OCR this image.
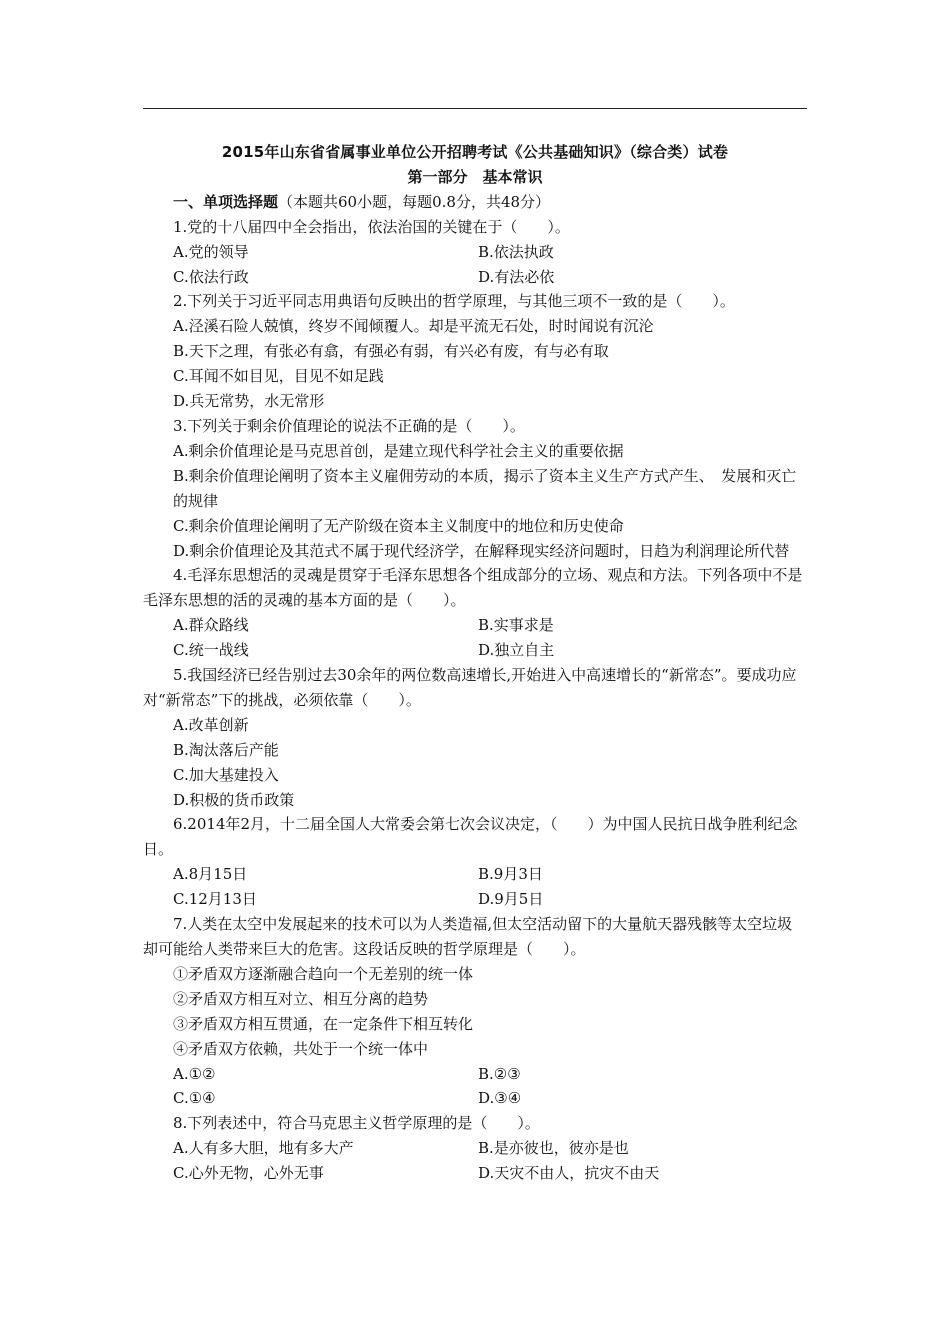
2015年山东省省属事业单位公开招聘考试《公共基础知识》（综合类）试卷
第一部分　基本常识
一、单项选择题（本题共60小题，每题0.8分，共48分）
1.党的十八届四中全会指出，依法治国的关键在于（　　）。
A.党的领导	B.依法执政
C.依法行政	D.有法必依
2.下列关于习近平同志用典语句反映出的哲学原理，与其他三项不一致的是（　　）。
A.泾溪石险人兢慎，终岁不闻倾覆人。却是平流无石处，时时闻说有沉沦
B.天下之理，有张必有翕，有强必有弱，有兴必有废，有与必有取
C.耳闻不如目见，目见不如足践
D.兵无常势，水无常形
3.下列关于剩余价值理论的说法不正确的是（　　）。
A.剩余价值理论是马克思首创，是建立现代科学社会主义的重要依据
B.剩余价值理论阐明了资本主义雇佣劳动的本质，揭示了资本主义生产方式产生、　发展和灭亡的规律
C.剩余价值理论阐明了无产阶级在资本主义制度中的地位和历史使命
D.剩余价值理论及其范式不属于现代经济学，在解释现实经济问题时，日趋为利润理论所代替
4.毛泽东思想活的灵魂是贯穿于毛泽东思想各个组成部分的立场、观点和方法。下列各项中不是毛泽东思想的活的灵魂的基本方面的是（　　）。
A.群众路线	B.实事求是
C.统一战线	D.独立自主
5.我国经济已经告别过去30余年的两位数高速增长,开始进入中高速增长的“新常态”。要成功应对“新常态”下的挑战，必须依靠（　　）。
A.改革创新
B.淘汰落后产能
C.加大基建投入
D.积极的货币政策
6.2014年2月，十二届全国人大常委会第七次会议决定，（　　）为中国人民抗日战争胜利纪念日。
A.8月15日	B.9月3日
C.12月13日	D.9月5日
7.人类在太空中发展起来的技术可以为人类造福,但太空活动留下的大量航天器残骸等太空垃圾却可能给人类带来巨大的危害。这段话反映的哲学原理是（　　）。
①矛盾双方逐渐融合趋向一个无差别的统一体
②矛盾双方相互对立、相互分离的趋势
③矛盾双方相互贯通，在一定条件下相互转化
④矛盾双方依赖，共处于一个统一体中
A.①②	B.②③
C.①④	D.③④
8.下列表述中，符合马克思主义哲学原理的是（　　）。
A.人有多大胆，地有多大产	B.是亦彼也，彼亦是也
C.心外无物，心外无事	D.天灾不由人，抗灾不由天
